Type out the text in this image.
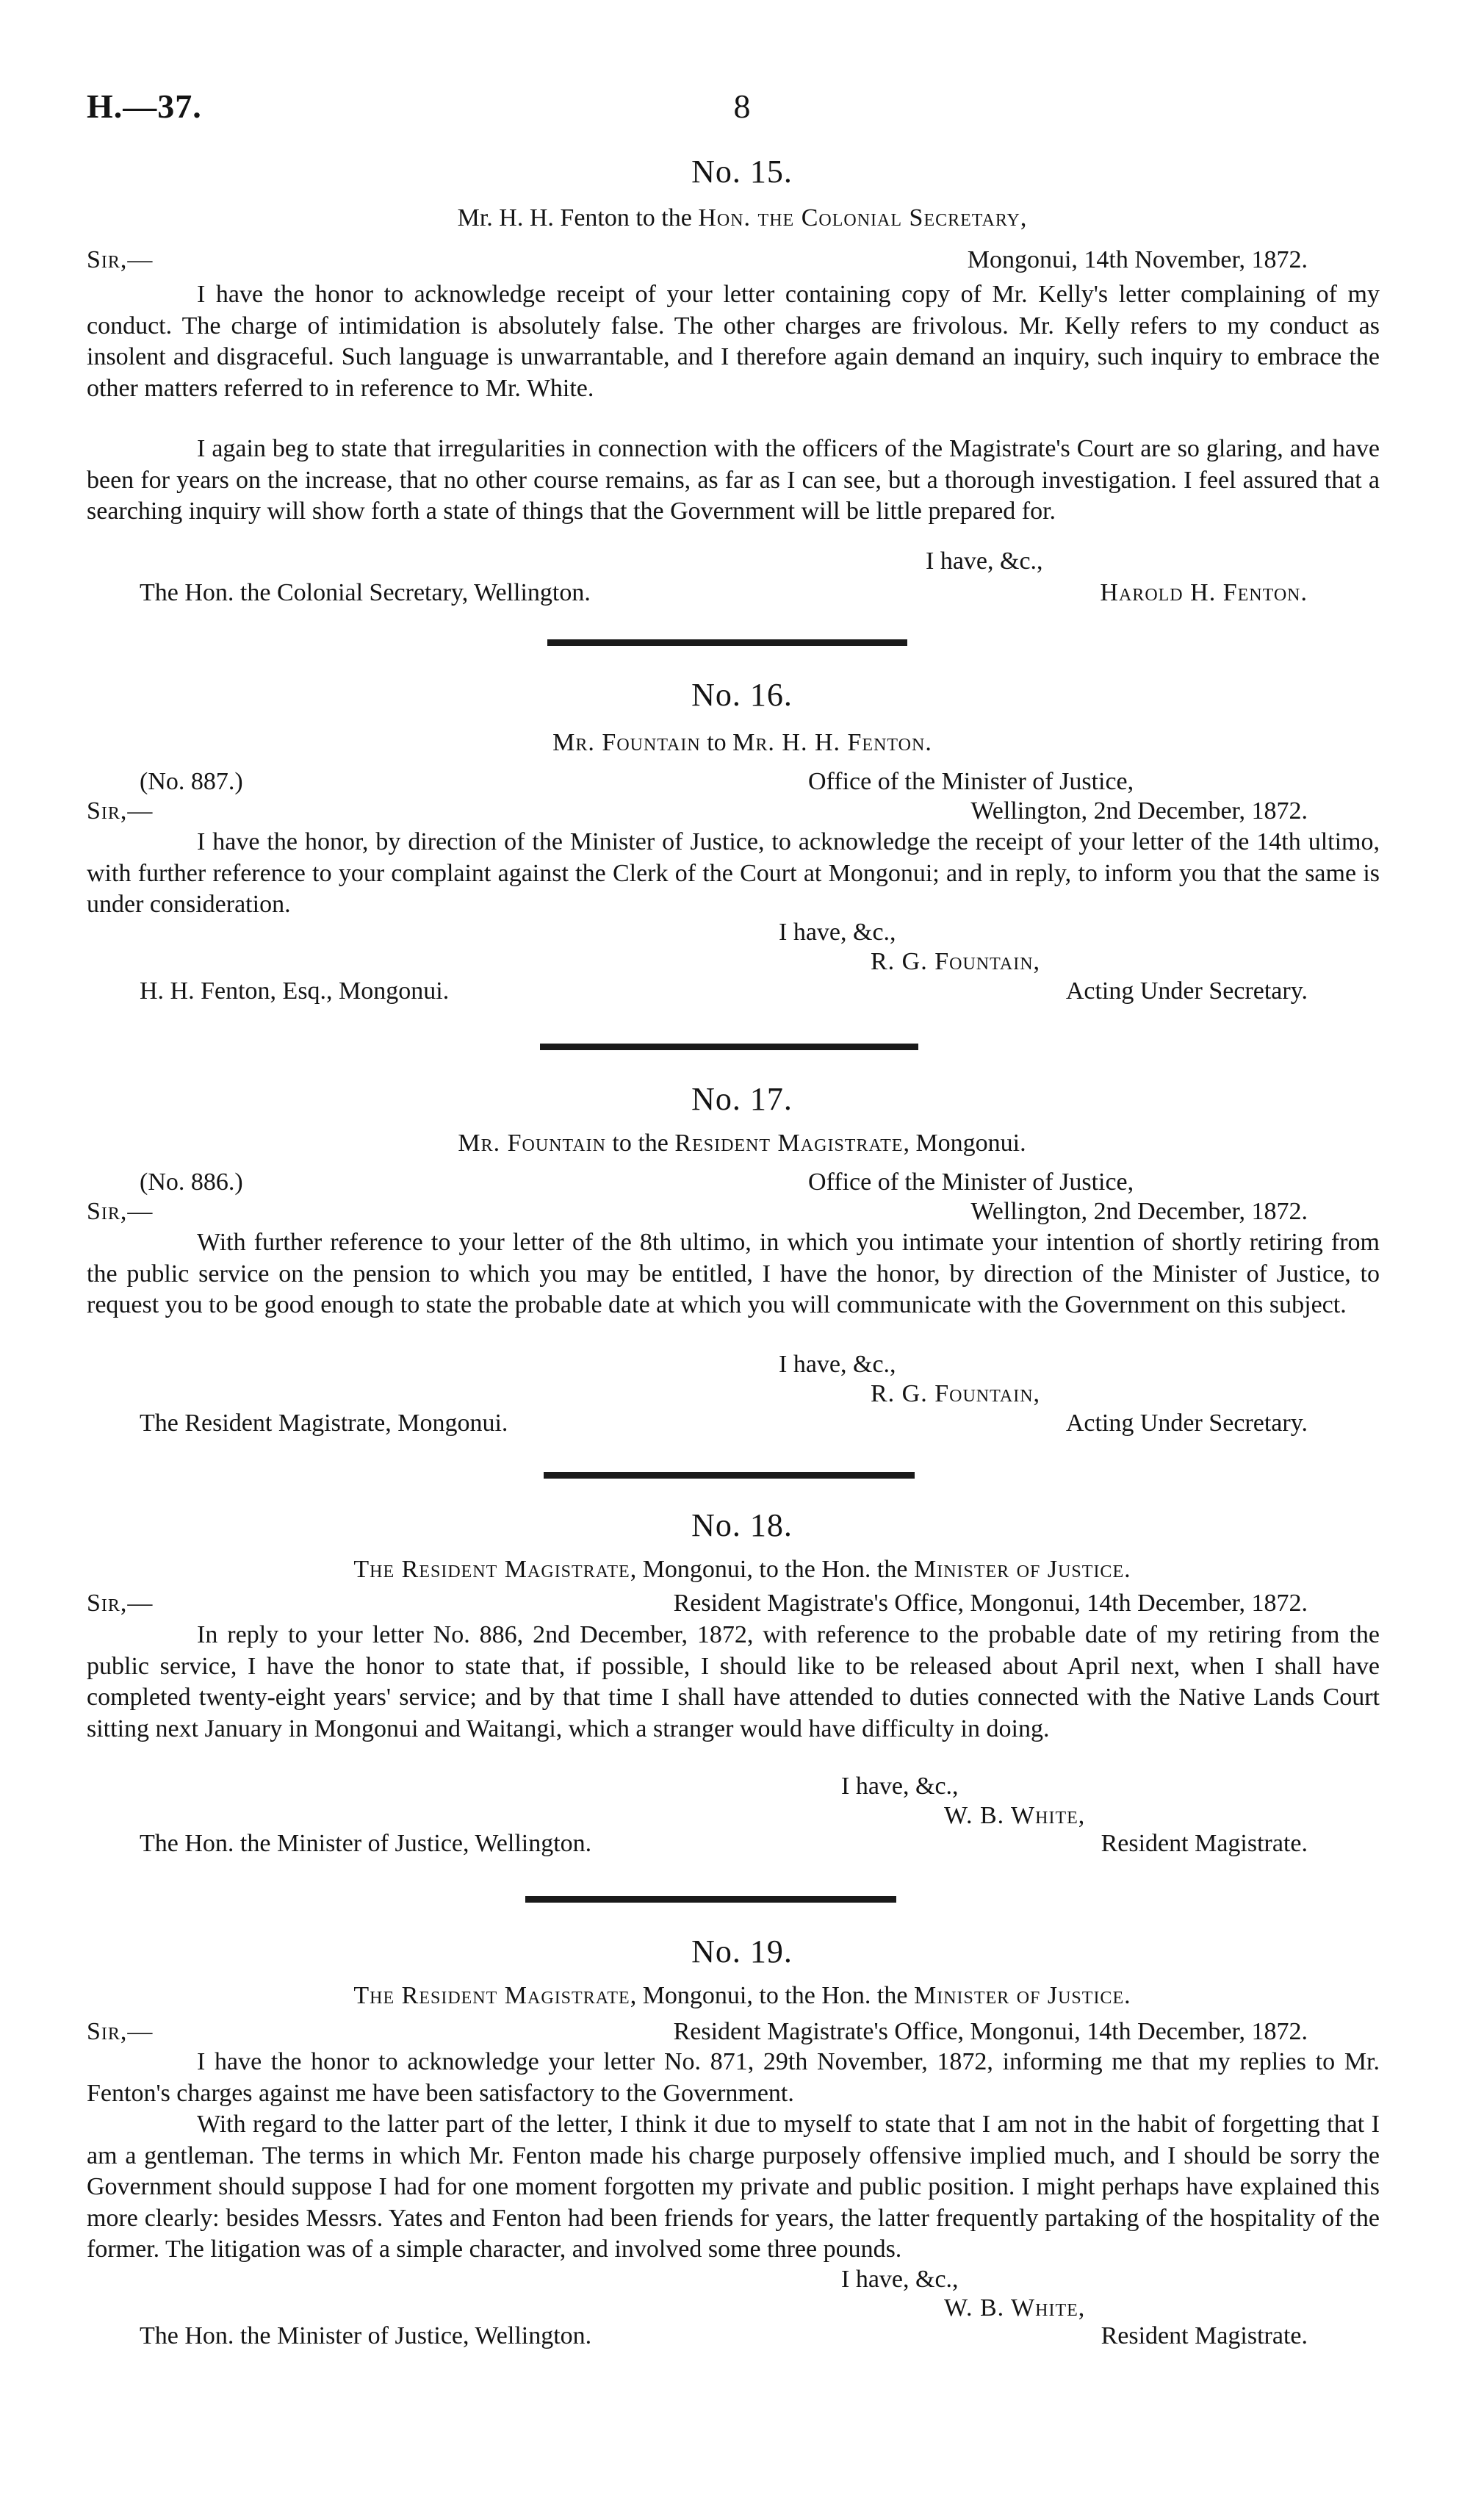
H.—37.	8
No. 15.
Mr. H. H. Fenton to the Hon. the Colonial Secretary,
Sir,—	Mongonui, 14th November, 1872.

I have the honor to acknowledge receipt of your letter containing copy of Mr. Kelly's letter complaining of my conduct. The charge of intimidation is absolutely false. The other charges are frivolous. Mr. Kelly refers to my conduct as insolent and disgraceful. Such language is unwarrantable, and I therefore again demand an inquiry, such inquiry to embrace the other matters referred to in reference to Mr. White.

I again beg to state that irregularities in connection with the officers of the Magistrate's Court are so glaring, and have been for years on the increase, that no other course remains, as far as I can see, but a thorough investigation. I feel assured that a searching inquiry will show forth a state of things that the Government will be little prepared for.

I have, &c.,
The Hon. the Colonial Secretary, Wellington.	Harold H. Fenton.
No. 16.
Mr. Fountain to Mr. H. H. Fenton.
(No. 887.)	Office of the Minister of Justice,
Sir,—	Wellington, 2nd December, 1872.

I have the honor, by direction of the Minister of Justice, to acknowledge the receipt of your letter of the 14th ultimo, with further reference to your complaint against the Clerk of the Court at Mongonui; and in reply, to inform you that the same is under consideration.

I have, &c.,
R. G. Fountain,
H. H. Fenton, Esq., Mongonui.	Acting Under Secretary.
No. 17.
Mr. Fountain to the Resident Magistrate, Mongonui.
(No. 886.)	Office of the Minister of Justice,
Sir,—	Wellington, 2nd December, 1872.

With further reference to your letter of the 8th ultimo, in which you intimate your intention of shortly retiring from the public service on the pension to which you may be entitled, I have the honor, by direction of the Minister of Justice, to request you to be good enough to state the probable date at which you will communicate with the Government on this subject.

I have, &c.,
R. G. Fountain,
The Resident Magistrate, Mongonui.	Acting Under Secretary.
No. 18.
The Resident Magistrate, Mongonui, to the Hon. the Minister of Justice.
Sir,—	Resident Magistrate's Office, Mongonui, 14th December, 1872.

In reply to your letter No. 886, 2nd December, 1872, with reference to the probable date of my retiring from the public service, I have the honor to state that, if possible, I should like to be released about April next, when I shall have completed twenty-eight years' service; and by that time I shall have attended to duties connected with the Native Lands Court sitting next January in Mongonui and Waitangi, which a stranger would have difficulty in doing.

I have, &c.,
W. B. White,
The Hon. the Minister of Justice, Wellington.	Resident Magistrate.
No. 19.
The Resident Magistrate, Mongonui, to the Hon. the Minister of Justice.
Sir,—	Resident Magistrate's Office, Mongonui, 14th December, 1872.

I have the honor to acknowledge your letter No. 871, 29th November, 1872, informing me that my replies to Mr. Fenton's charges against me have been satisfactory to the Government.

With regard to the latter part of the letter, I think it due to myself to state that I am not in the habit of forgetting that I am a gentleman. The terms in which Mr. Fenton made his charge purposely offensive implied much, and I should be sorry the Government should suppose I had for one moment forgotten my private and public position. I might perhaps have explained this more clearly: besides Messrs. Yates and Fenton had been friends for years, the latter frequently partaking of the hospitality of the former. The litigation was of a simple character, and involved some three pounds.

I have, &c.,
W. B. White,
The Hon. the Minister of Justice, Wellington.	Resident Magistrate.
